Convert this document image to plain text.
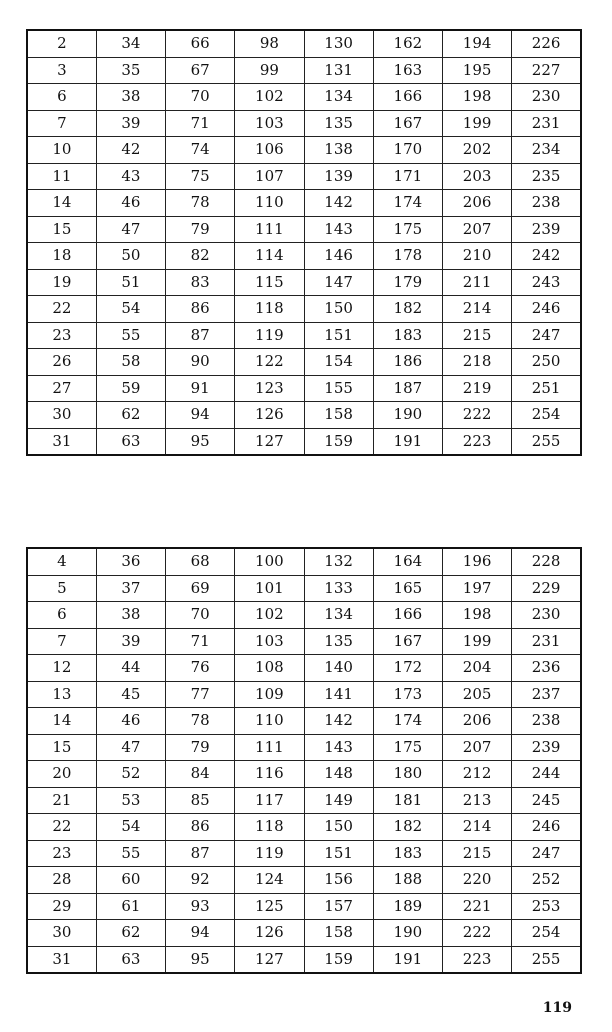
2	34	66	98	130	162	194	226
3	35	67	99	131	163	195	227
6	38	70	102	134	166	198	230
7	39	71	103	135	167	199	231
10	42	74	106	138	170	202	234
11	43	75	107	139	171	203	235
14	46	78	110	142	174	206	238
15	47	79	111	143	175	207	239
18	50	82	114	146	178	210	242
19	51	83	115	147	179	211	243
22	54	86	118	150	182	214	246
23	55	87	119	151	183	215	247
26	58	90	122	154	186	218	250
27	59	91	123	155	187	219	251
30	62	94	126	158	190	222	254
31	63	95	127	159	191	223	255
4	36	68	100	132	164	196	228
5	37	69	101	133	165	197	229
6	38	70	102	134	166	198	230
7	39	71	103	135	167	199	231
12	44	76	108	140	172	204	236
13	45	77	109	141	173	205	237
14	46	78	110	142	174	206	238
15	47	79	111	143	175	207	239
20	52	84	116	148	180	212	244
21	53	85	117	149	181	213	245
22	54	86	118	150	182	214	246
23	55	87	119	151	183	215	247
28	60	92	124	156	188	220	252
29	61	93	125	157	189	221	253
30	62	94	126	158	190	222	254
31	63	95	127	159	191	223	255
119
